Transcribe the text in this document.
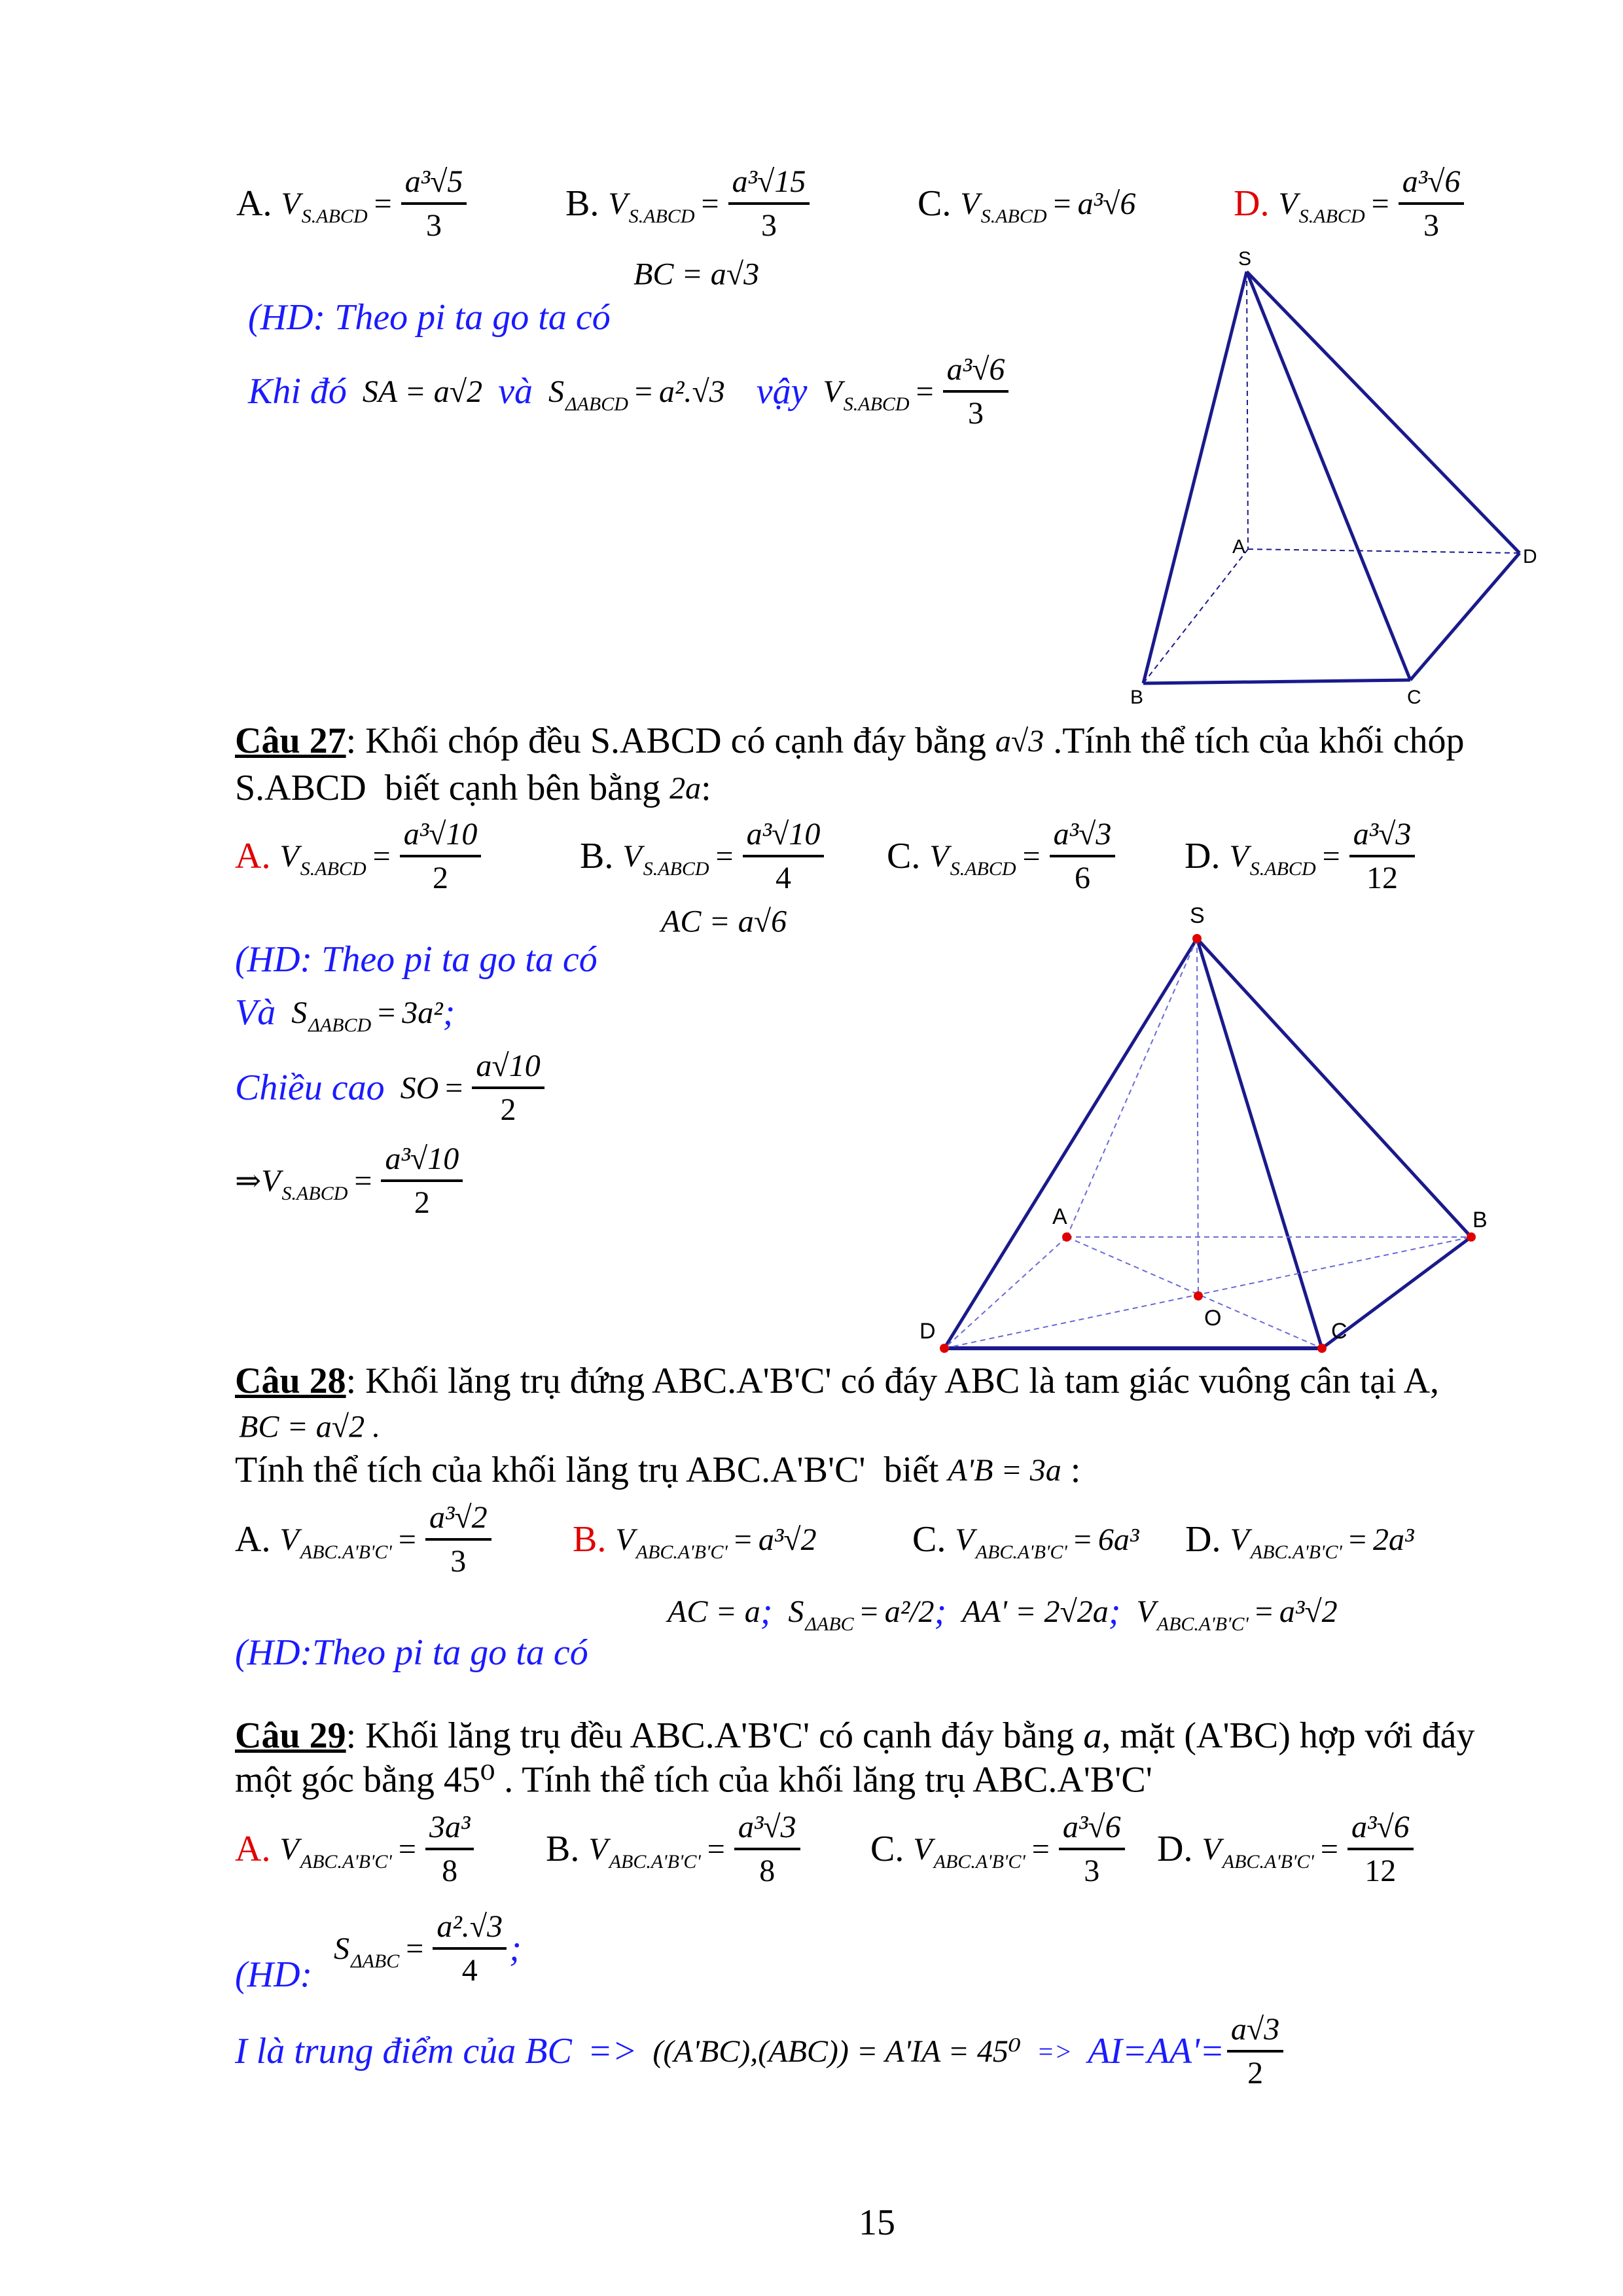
A. V S.ABCD = $\frac{\text{a³√5}}{3}$	B. V S.ABCD = $\frac{\text{a³√15}}{3}$	C. V S.ABCD = a³√6	D. V S.ABCD = $\frac{\text{a³√6}}{3}$
BC = a√3
(HD: Theo pi ta go ta có
Khi đó SA = a√2 và S ΔABCD = a².√3 vậy V S.ABCD = $\frac{\text{a³√6}}{3}$
Câu 27 : Khối chóp đều S.ABCD có cạnh đáy bằng a√3 .Tính thể tích của khối chóp
S.ABCD  biết cạnh bên bằng 2a :
A. V S.ABCD = $\frac{\text{a³√10}}{2}$	B. V S.ABCD = $\frac{\text{a³√10}}{4} C$. V S.ABCD = $\frac{\text{a³√3}}{6} D$. V S.ABCD = $\frac{\text{a³√3}}{12}$
AC = a√6
(HD: Theo pi ta go ta có
Và S ΔABCD = 3a² ;
Chiều cao SO = $\frac{a√10}{2}$
⇒V S.ABCD = $\frac{\text{a³√10}}{2}$
Câu 28 : Khối lăng trụ đứng ABC.A'B'C' có đáy ABC là tam giác vuông cân tại A,
BC = a√2 .
Tính thể tích của khối lăng trụ ABC.A'B'C'  biết A'B = 3a :
A. V $ABC.A'B'C' = \frac{\text{a³√2}}{3} B$. V ABC.A'B'C' = a³√2	C. V ABC.A'B'C' = 6a³ D. V ABC.A'B'C' = 2a³
(HD:Theo pi ta go ta có
AC = a ; S ΔABC = a²/2 ; AA' = 2√2a ; V ABC.A'B'C' = a³√2
Câu 29 : Khối lăng trụ đều ABC.A'B'C' có cạnh đáy bằng a , mặt (A'BC) hợp với đáy
một góc bằng 45⁰ . Tính thể tích của khối lăng trụ ABC.A'B'C'
A. V $ABC.A'B'C' = \frac{\text{3a³}}{8} B$. V $ABC.A'B'C' = \frac{\text{a³√3}}{8} C$. V $ABC.A'B'C' = \frac{\text{a³√6}}{3} D$. V $ABC.A'B'C' = \frac{\text{a³√6}}{12}$
(HD:
S $\Delta ABC = \frac{\text{a².√3}}{4}$ ;
I là trung điểm của BC => $((A'BC),(ABC)) = A'IA = 45^0 => AI=AA'= \frac{a√3}{2}$
15
S
A	D
B	C
S
A	B
D	C
O
